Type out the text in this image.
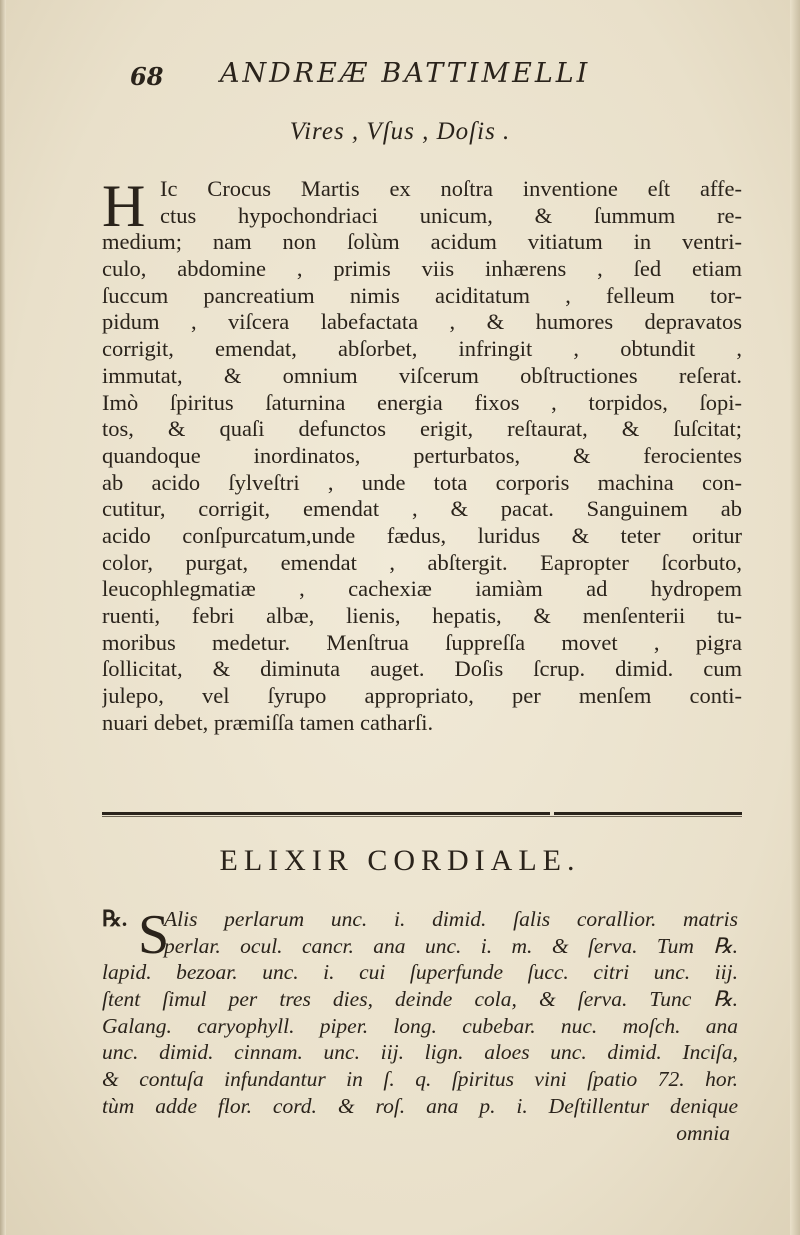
68 ANDREÆ BATTIMELLI
Vires , Vſus , Doſis .
H Ic Crocus Martis ex noſtra inventione eſt affe-
ctus hypochondriaci unicum, & ſummum re-
medium; nam non ſolùm acidum vitiatum in ventri-
culo, abdomine , primis viis inhærens , ſed etiam
ſuccum pancreatium nimis aciditatum , felleum tor-
pidum , viſcera labefactata , & humores depravatos
corrigit, emendat, abſorbet, infringit , obtundit ,
immutat, & omnium viſcerum obſtructiones reſerat.
Imò ſpiritus ſaturnina energia fixos , torpidos, ſopi-
tos, & quaſi defunctos erigit, reſtaurat, & ſuſcitat;
quandoque inordinatos, perturbatos, & ferocientes
ab acido ſylveſtri , unde tota corporis machina con-
cutitur, corrigit, emendat , & pacat. Sanguinem ab
acido conſpurcatum,unde fædus, luridus & teter oritur
color, purgat, emendat , abſtergit. Eapropter ſcorbuto,
leucophlegmatiæ , cachexiæ iamiàm ad hydropem
ruenti, febri albæ, lienis, hepatis, & menſenterii tu-
moribus medetur. Menſtrua ſuppreſſa movet , pigra
ſollicitat, & diminuta auget. Doſis ſcrup. dimid. cum
julepo, vel ſyrupo appropriato, per menſem conti-
nuari debet, præmiſſa tamen catharſi.
ELIXIR CORDIALE.
℞. S
Alis perlarum unc. i. dimid. ſalis corallior. matris
perlar. ocul. cancr. ana unc. i. m. & ſerva. Tum ℞.
lapid. bezoar. unc. i. cui ſuperfunde ſucc. citri unc. iij.
ſtent ſimul per tres dies, deinde cola, & ſerva. Tunc ℞.
Galang. caryophyll. piper. long. cubebar. nuc. moſch. ana
unc. dimid. cinnam. unc. iij. lign. aloes unc. dimid. Inciſa,
& contuſa infundantur in ſ. q. ſpiritus vini ſpatio 72. hor.
tùm adde flor. cord. & roſ. ana p. i. Deſtillentur denique
omnia
